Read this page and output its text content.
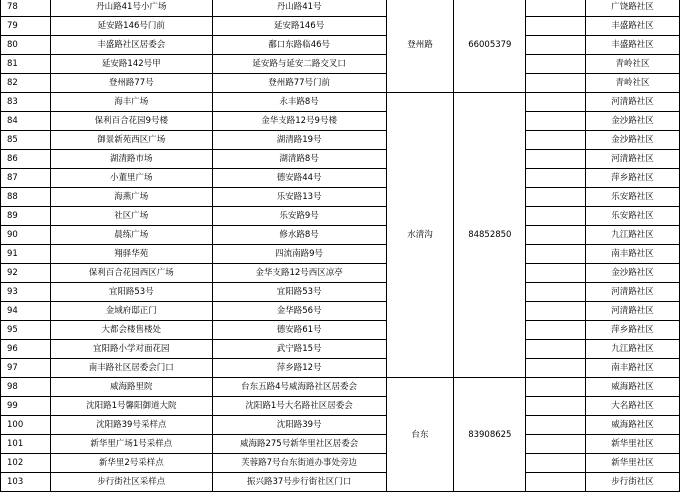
78	丹山路41号小广场	丹山路41号	登州路	66005379		广饶路社区
79	延安路146号门前	延安路146号				丰盛路社区
80	丰盛路社区居委会	鄱口东路临46号				丰盛路社区
81	延安路142号甲	延安路与延安二路交叉口				青岭社区
82	登州路77号	登州路77号门前				青岭社区
83	海丰广场	永丰路8号	水清沟	84852850		河清路社区
84	保利百合花园9号楼	金华支路12号9号楼				金沙路社区
85	御景新苑西区广场	湖清路19号				金沙路社区
86	湖清路市场	湖清路8号				河清路社区
87	小董里广场	德安路44号				萍乡路社区
88	海燕广场	乐安路13号				乐安路社区
89	社区广场	乐安路9号				乐安路社区
90	晨练广场	修水路8号				九江路社区
91	翔驿华苑	四流南路9号				南丰路社区
92	保利百合花园西区广场	金华支路12号西区凉亭				金沙路社区
93	宜阳路53号	宜阳路53号				河清路社区
94	金域府邸正门	金华路56号				河清路社区
95	大都会楼售楼处	德安路61号				萍乡路社区
96	宜阳路小学对面花园	武宁路15号				九江路社区
97	南丰路社区居委会门口	萍乡路12号				南丰路社区
98	威海路里院	台东五路4号威海路社区居委会	台东	83908625		威海路社区
99	沈阳路1号馨阳御道大院	沈阳路1号大名路社区居委会				大名路社区
100	沈阳路39号采样点	沈阳路39号				威海路社区
101	新华里广场1号采样点	威海路275号新华里社区居委会				新华里社区
102	新华里2号采样点	芙蓉路7号台东街道办事处旁边				新华里社区
103	步行街社区采样点	振兴路37号步行街社区门口				步行街社区
